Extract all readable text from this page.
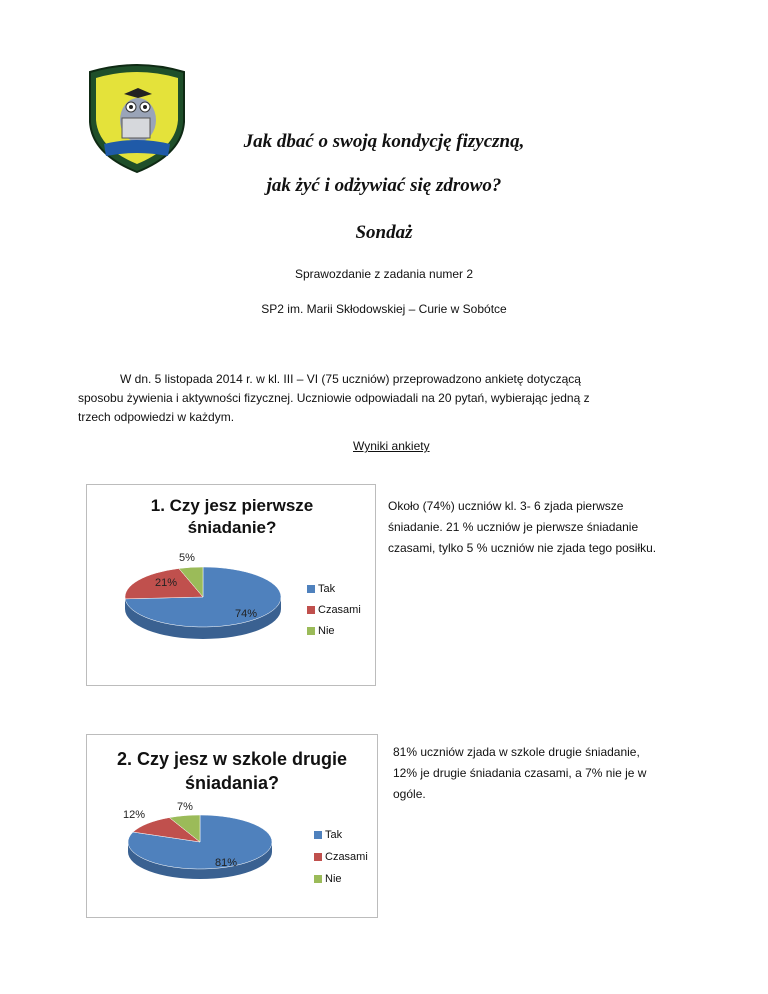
Jak dbać o swoją kondycję fizyczną,
jak żyć i odżywiać się zdrowo?
Sondaż
Sprawozdanie z zadania numer 2
SP2 im. Marii Skłodowskiej – Curie w Sobótce
W dn. 5 listopada 2014 r. w kl. III – VI (75 uczniów) przeprowadzono ankietę dotyczącą
sposobu żywienia i aktywności fizycznej. Uczniowie odpowiadali na 20 pytań, wybierając jedną z
trzech odpowiedzi w każdym.
Wyniki ankiety
1. Czy jesz pierwsze
śniadanie?
74%
21%
5%
Tak
Czasami
Nie
Około (74%) uczniów kl. 3- 6 zjada pierwsze
śniadanie. 21 % uczniów je pierwsze śniadanie
czasami, tylko 5 % uczniów nie zjada tego posiłku.
2. Czy jesz w szkole drugie
śniadania?
81%
12%
7%
Tak
Czasami
Nie
81% uczniów zjada w szkole drugie śniadanie,
12% je drugie śniadania czasami, a 7% nie je w
ogóle.
